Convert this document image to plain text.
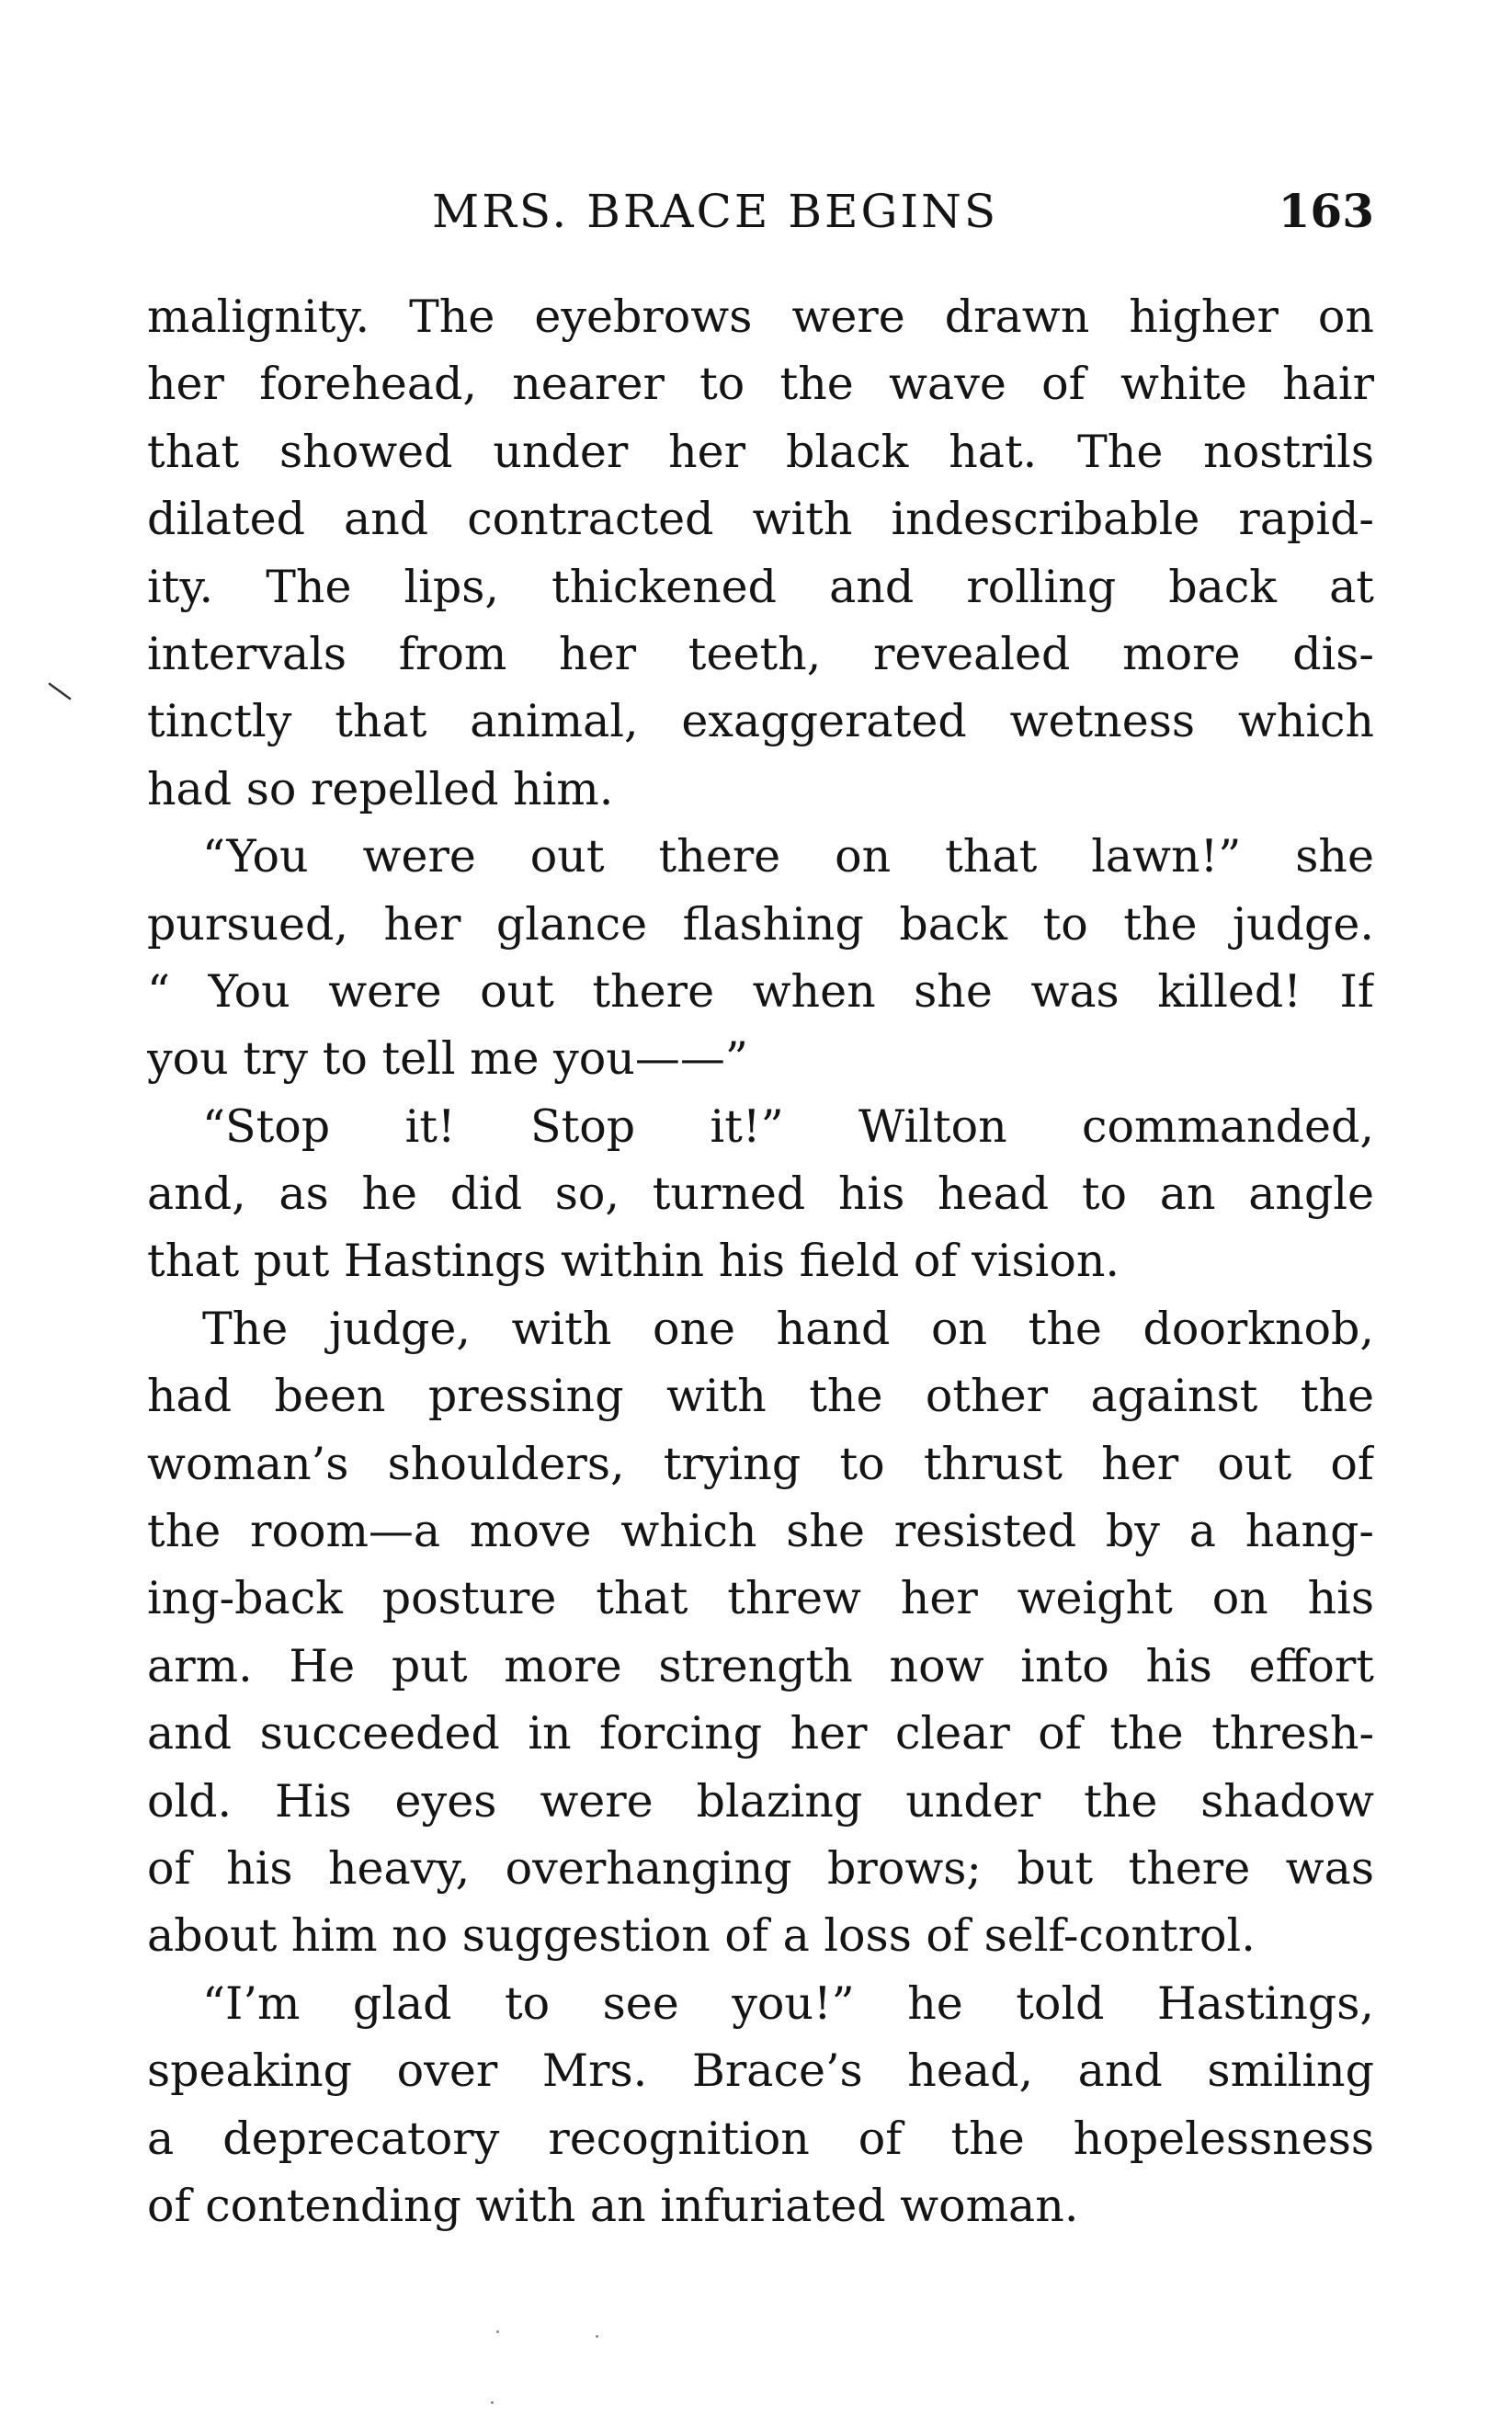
MRS. BRACE BEGINS	163
malignity. The eyebrows were drawn higher on
her forehead, nearer to the wave of white hair
that showed under her black hat. The nostrils
dilated and contracted with indescribable rapid-
ity. The lips, thickened and rolling back at
intervals from her teeth, revealed more dis-
tinctly that animal, exaggerated wetness which
had so repelled him.
“You were out there on that lawn!” she
pursued, her glance flashing back to the judge.
“ You were out there when she was killed! If
you try to tell me you——”
“Stop it! Stop it!” Wilton commanded,
and, as he did so, turned his head to an angle
that put Hastings within his field of vision.
The judge, with one hand on the doorknob,
had been pressing with the other against the
woman’s shoulders, trying to thrust her out of
the room—a move which she resisted by a hang-
ing-back posture that threw her weight on his
arm. He put more strength now into his effort
and succeeded in forcing her clear of the thresh-
old. His eyes were blazing under the shadow
of his heavy, overhanging brows; but there was
about him no suggestion of a loss of self-control.
“I’m glad to see you!” he told Hastings,
speaking over Mrs. Brace’s head, and smiling
a deprecatory recognition of the hopelessness
of contending with an infuriated woman.
